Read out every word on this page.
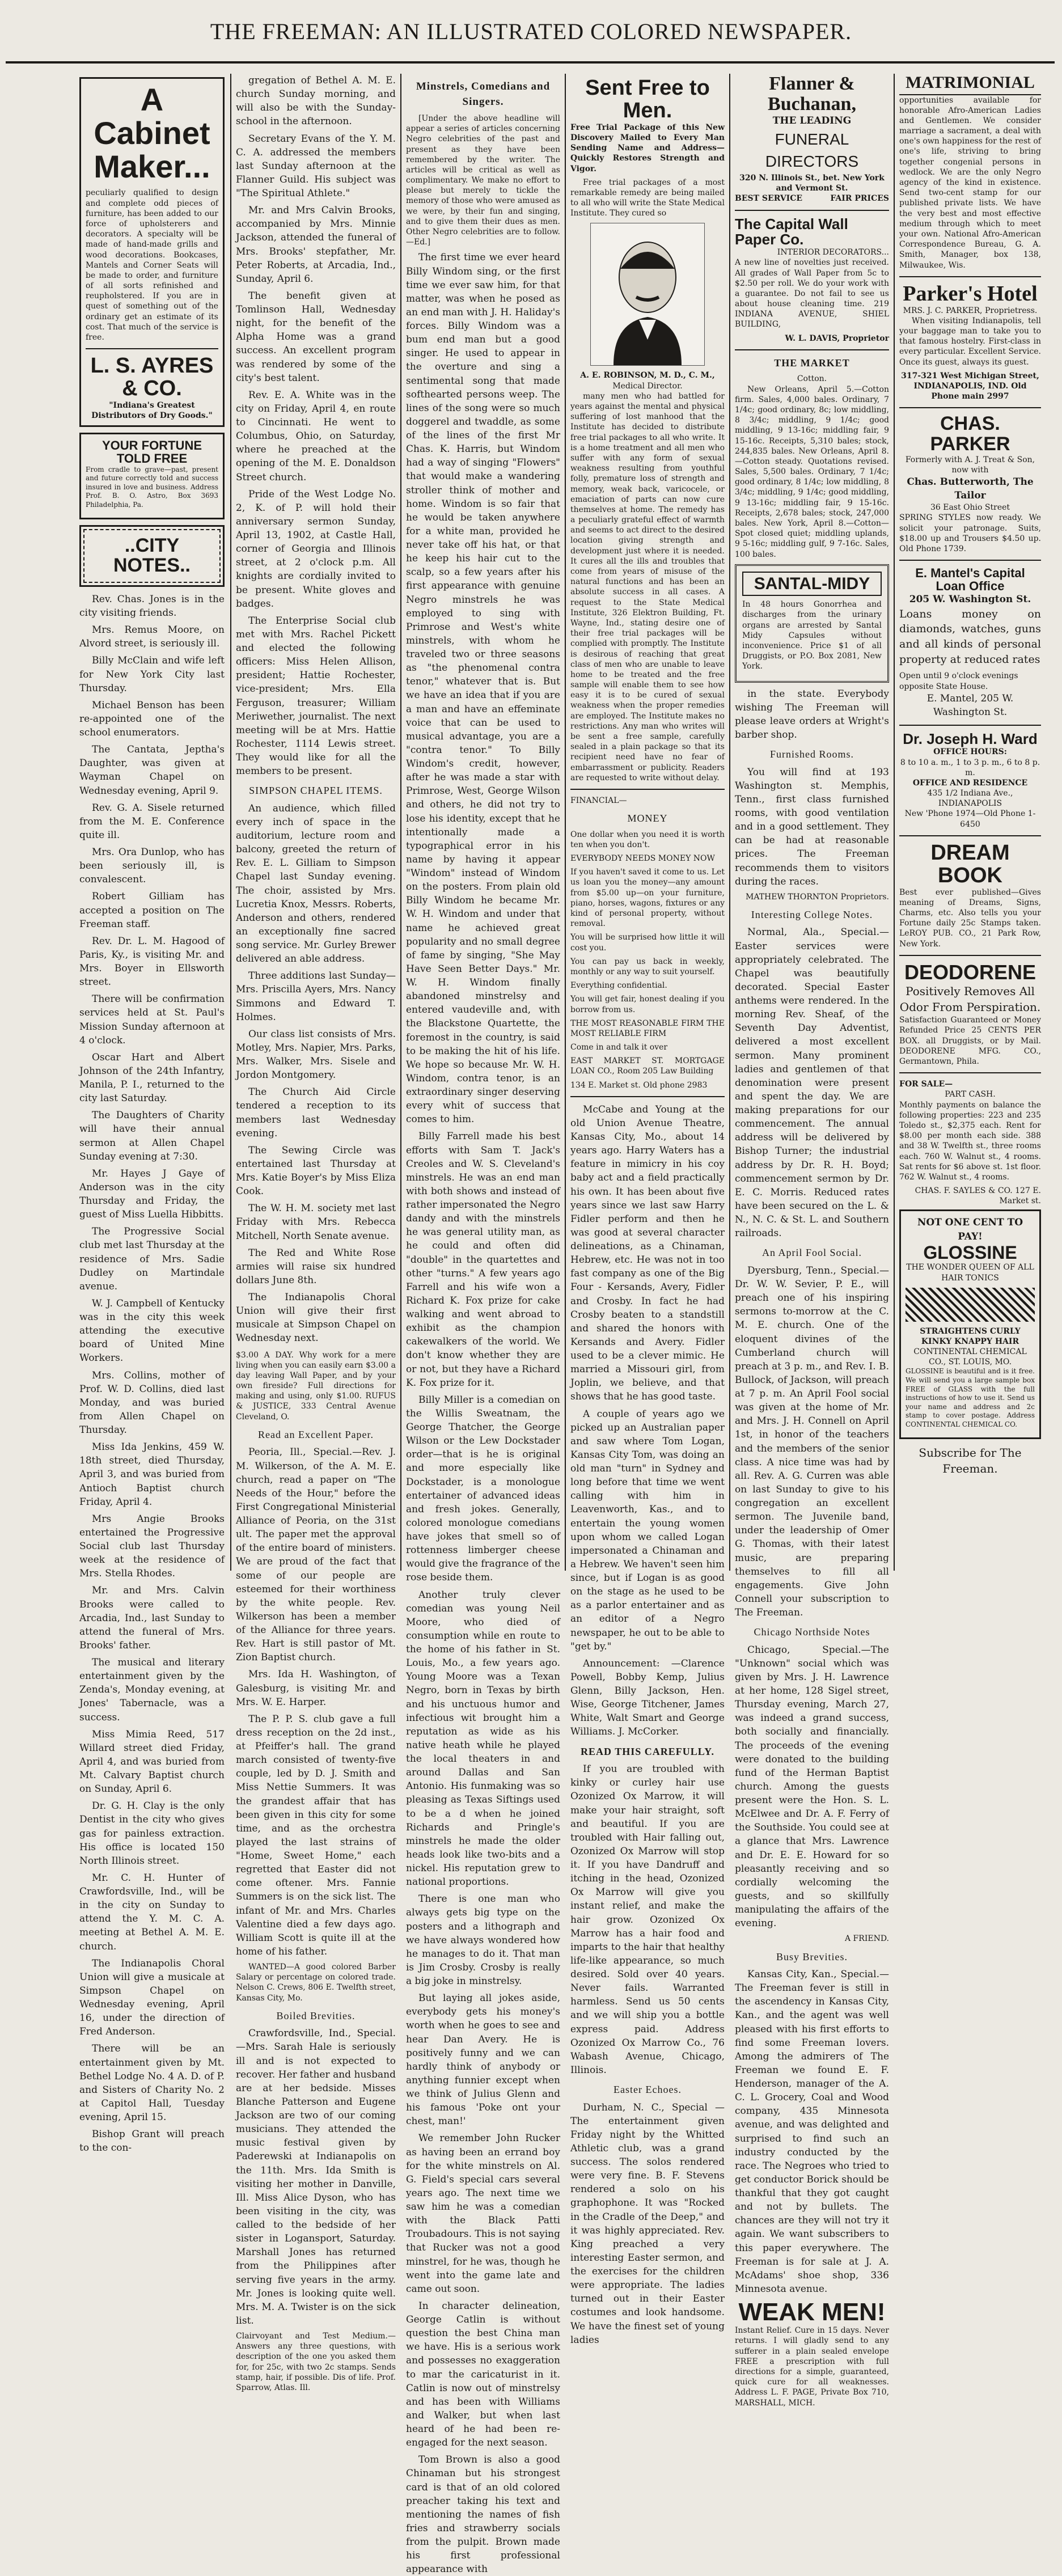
THE FREEMAN: AN ILLUSTRATED COLORED NEWSPAPER.
A Cabinet Maker...

peculiarly qualified to design and complete odd pieces of furniture, has been added to our force of upholsterers and decorators. A specialty will be made of hand-made grills and wood decorations. Bookcases, Mantels and Corner Seats will be made to order, and furniture of all sorts refinished and reupholstered. If you are in quest of something out of the ordinary get an estimate of its cost. That much of the service is free.

L. S. AYRES & CO.
"Indiana's Greatest Distributors of Dry Goods."
YOUR FORTUNE TOLD FREE

From cradle to grave—past, present and future correctly told and success insured in love and business. Address Prof. B. O. Astro, Box 3693 Philadelphia, Pa.

..CITY NOTES..

Rev. Chas. Jones is in the city visiting friends.

Mrs. Remus Moore, on Alvord street, is seriously ill.

Billy McClain and wife left for New York City last Thursday.

Michael Benson has been re-appointed one of the school enumerators.

The Cantata, Jeptha's Daughter, was given at Wayman Chapel on Wednesday evening, April 9.

Rev. G. A. Sisele returned from the M. E. Conference quite ill.

Mrs. Ora Dunlop, who has been seriously ill, is convalescent.

Robert Gilliam has accepted a position on The Freeman staff.

Rev. Dr. L. M. Hagood of Paris, Ky., is visiting Mr. and Mrs. Boyer in Ellsworth street.

There will be confirmation services held at St. Paul's Mission Sunday afternoon at 4 o'clock.

Oscar Hart and Albert Johnson of the 24th Infantry, Manila, P. I., returned to the city last Saturday.

The Daughters of Charity will have their annual sermon at Allen Chapel Sunday evening at 7:30.

Mr. Hayes J Gaye of Anderson was in the city Thursday and Friday, the guest of Miss Luella Hibbitts.

The Progressive Social club met last Thursday at the residence of Mrs. Sadie Dudley on Martindale avenue.

W. J. Campbell of Kentucky was in the city this week attending the executive board of United Mine Workers.

Mrs. Collins, mother of Prof. W. D. Collins, died last Monday, and was buried from Allen Chapel on Thursday.

Miss Ida Jenkins, 459 W. 18th street, died Thursday, April 3, and was buried from Antioch Baptist church Friday, April 4.

Mrs Angie Brooks entertained the Progressive Social club last Thursday week at the residence of Mrs. Stella Rhodes.

Mr. and Mrs. Calvin Brooks were called to Arcadia, Ind., last Sunday to attend the funeral of Mrs. Brooks' father.

The musical and literary entertainment given by the Zenda's, Monday evening, at Jones' Tabernacle, was a success.

Miss Mimia Reed, 517 Willard street died Friday, April 4, and was buried from Mt. Calvary Baptist church on Sunday, April 6.

Dr. G. H. Clay is the only Dentist in the city who gives gas for painless extraction. His office is located 150 North Illinois street.

Mr. C. H. Hunter of Crawfordsville, Ind., will be in the city on Sunday to attend the Y. M. C. A. meeting at Bethel A. M. E. church.

The Indianapolis Choral Union will give a musicale at Simpson Chapel on Wednesday evening, April 16, under the direction of Fred Anderson.

There will be an entertainment given by Mt. Bethel Lodge No. 4 A. D. of P. and Sisters of Charity No. 2 at Capitol Hall, Tuesday evening, April 15.

Bishop Grant will preach to the con-

gregation of Bethel A. M. E. church Sunday morning, and will also be with the Sunday-school in the afternoon.

Secretary Evans of the Y. M. C. A. addressed the members last Sunday afternoon at the Flanner Guild. His subject was "The Spiritual Athlete."

Mr. and Mrs Calvin Brooks, accompanied by Mrs. Minnie Jackson, attended the funeral of Mrs. Brooks' stepfather, Mr. Peter Roberts, at Arcadia, Ind., Sunday, April 6.

The benefit given at Tomlinson Hall, Wednesday night, for the benefit of the Alpha Home was a grand success. An excellent program was rendered by some of the city's best talent.

Rev. E. A. White was in the city on Friday, April 4, en route to Cincinnati. He went to Columbus, Ohio, on Saturday, where he preached at the opening of the M. E. Donaldson Street church.

Pride of the West Lodge No. 2, K. of P. will hold their anniversary sermon Sunday, April 13, 1902, at Castle Hall, corner of Georgia and Illinois street, at 2 o'clock p.m. All knights are cordially invited to be present. White gloves and badges.

The Enterprise Social club met with Mrs. Rachel Pickett and elected the following officers: Miss Helen Allison, president; Hattie Rochester, vice-president; Mrs. Ella Ferguson, treasurer; William Meriwether, journalist. The next meeting will be at Mrs. Hattie Rochester, 1114 Lewis street. They would like for all the members to be present.

SIMPSON CHAPEL ITEMS.

An audience, which filled every inch of space in the auditorium, lecture room and balcony, greeted the return of Rev. E. L. Gilliam to Simpson Chapel last Sunday evening. The choir, assisted by Mrs. Lucretia Knox, Messrs. Roberts, Anderson and others, rendered an exceptionally fine sacred song service. Mr. Gurley Brewer delivered an able address.

Three additions last Sunday—Mrs. Priscilla Ayers, Mrs. Nancy Simmons and Edward T. Holmes.

Our class list consists of Mrs. Motley, Mrs. Napier, Mrs. Parks, Mrs. Walker, Mrs. Sisele and Jordon Montgomery.

The Church Aid Circle tendered a reception to its members last Wednesday evening.

The Sewing Circle was entertained last Thursday at Mrs. Katie Boyer's by Miss Eliza Cook.

The W. H. M. society met last Friday with Mrs. Rebecca Mitchell, North Senate avenue.

The Red and White Rose armies will raise six hundred dollars June 8th.

The Indianapolis Choral Union will give their first musicale at Simpson Chapel on Wednesday next.

$3.00 A DAY. Why work for a mere living when you can easily earn $3.00 a day leaving Wall Paper, and by your own fireside? Full directions for making and using, only $1.00. RUFUS & JUSTICE, 333 Central Avenue Cleveland, O.

Read an Excellent Paper.

Peoria, Ill., Special.—Rev. J. M. Wilkerson, of the A. M. E. church, read a paper on "The Needs of the Hour," before the First Congregational Ministerial Alliance of Peoria, on the 31st ult. The paper met the approval of the entire board of ministers. We are proud of the fact that some of our people are esteemed for their worthiness by the white people. Rev. Wilkerson has been a member of the Alliance for three years. Rev. Hart is still pastor of Mt. Zion Baptist church.

Mrs. Ida H. Washington, of Galesburg, is visiting Mr. and Mrs. W. E. Harper.

The P. P. S. club gave a full dress reception on the 2d inst., at Pfeiffer's hall. The grand march consisted of twenty-five couple, led by D. J. Smith and Miss Nettie Summers. It was the grandest affair that has been given in this city for some time, and as the orchestra played the last strains of "Home, Sweet Home," each regretted that Easter did not come oftener. Mrs. Fannie Summers is on the sick list. The infant of Mr. and Mrs. Charles Valentine died a few days ago. William Scott is quite ill at the home of his father.

WANTED—A good colored Barber Salary or percentage on colored trade. Nelson C. Crews, 806 E. Twelfth street, Kansas City, Mo.

Boiled Brevities.

Crawfordsville, Ind., Special.—Mrs. Sarah Hale is seriously ill and is not expected to recover. Her father and husband are at her bedside. Misses Blanche Patterson and Eugene Jackson are two of our coming musicians. They attended the music festival given by Paderewski at Indianapolis on the 11th. Mrs. Ida Smith is visiting her mother in Danville, Ill. Miss Alice Dyson, who has been visiting in the city, was called to the bedside of her sister in Logansport, Saturday. Marshall Jones has returned from the Philippines after serving five years in the army. Mr. Jones is looking quite well. Mrs. M. A. Twister is on the sick list.

Clairvoyant and Test Medium.—Answers any three questions, with description of the one you asked them for, for 25c, with two 2c stamps. Sends stamp, hair, if possible. Dis of life. Prof. Sparrow, Atlas. Ill.

Minstrels, Comedians and Singers.

[Under the above headline will appear a series of articles concerning Negro celebrities of the past and present as they have been remembered by the writer. The articles will be critical as well as complimentary. We make no effort to please but merely to tickle the memory of those who were amused as we were, by their fun and singing, and to give them their dues as men. Other Negro celebrities are to follow.—Ed.]

The first time we ever heard Billy Windom sing, or the first time we ever saw him, for that matter, was when he posed as an end man with J. H. Haliday's forces. Billy Windom was a bum end man but a good singer. He used to appear in the overture and sing a sentimental song that made softhearted persons weep. The lines of the song were so much doggerel and twaddle, as some of the lines of the first Mr Chas. K. Harris, but Windom had a way of singing "Flowers" that would make a wandering stroller think of mother and home. Windom is so fair that he would be taken anywhere for a white man, provided he never take off his hat, or that he keep his hair cut to the scalp, so a few years after his first appearance with genuine Negro minstrels he was employed to sing with Primrose and West's white minstrels, with whom he traveled two or three seasons as "the phenomenal contra tenor," whatever that is. But we have an idea that if you are a man and have an effeminate voice that can be used to musical advantage, you are a "contra tenor." To Billy Windom's credit, however, after he was made a star with Primrose, West, George Wilson and others, he did not try to lose his identity, except that he intentionally made a typographical error in his name by having it appear "Windom" instead of Windom on the posters. From plain old Billy Windom he became Mr. W. H. Windom and under that name he achieved great popularity and no small degree of fame by singing, "She May Have Seen Better Days." Mr. W. H. Windom finally abandoned minstrelsy and entered vaudeville and, with the Blackstone Quartette, the foremost in the country, is said to be making the hit of his life. We hope so because Mr. W. H. Windom, contra tenor, is an extraordinary singer deserving every whit of success that comes to him.

Billy Farrell made his best efforts with Sam T. Jack's Creoles and W. S. Cleveland's minstrels. He was an end man with both shows and instead of rather impersonated the Negro dandy and with the minstrels he was general utility man, as he could and often did "double" in the quartettes and other "turns." A few years ago Farrell and his wife won a Richard K. Fox prize for cake walking and went abroad to exhibit as the champion cakewalkers of the world. We don't know whether they are or not, but they have a Richard K. Fox prize for it.

Billy Miller is a comedian on the Willis Sweatnam, the George Thatcher, the George Wilson or the Lew Dockstader order—that is he is original and more especially like Dockstader, is a monologue entertainer of advanced ideas and fresh jokes. Generally, colored monologue comedians have jokes that smell so of rottenness limberger cheese would give the fragrance of the rose beside them.

Another truly clever comedian was young Neil Moore, who died of consumption while en route to the home of his father in St. Louis, Mo., a few years ago. Young Moore was a Texan Negro, born in Texas by birth and his unctuous humor and infectious wit brought him a reputation as wide as his native heath while he played the local theaters in and around Dallas and San Antonio. His funmaking was so pleasing as Texas Siftings used to be a d when he joined Richards and Pringle's minstrels he made the older heads look like two-bits and a nickel. His reputation grew to national proportions.

There is one man who always gets big type on the posters and a lithograph and we have always wondered how he manages to do it. That man is Jim Crosby. Crosby is really a big joke in minstrelsy.

But laying all jokes aside, everybody gets his money's worth when he goes to see and hear Dan Avery. He is positively funny and we can hardly think of anybody or anything funnier except when we think of Julius Glenn and his famous 'Poke ont your chest, man!'

We remember John Rucker as having been an errand boy for the white minstrels on Al. G. Field's special cars several years ago. The next time we saw him he was a comedian with the Black Patti Troubadours. This is not saying that Rucker was not a good minstrel, for he was, though he went into the game late and came out soon.

In character delineation, George Catlin is without question the best China man we have. His is a serious work and possesses no exaggeration to mar the caricaturist in it. Catlin is now out of minstrelsy and has been with Williams and Walker, but when last heard of he had been re-engaged for the next season.

Tom Brown is also a good Chinaman but his strongest card is that of an old colored preacher taking his text and mentioning the names of fish fries and strawberry socials from the pulpit. Brown made his first professional appearance with

Sent Free to Men.

Free Trial Package of this New Discovery Mailed to Every Man Sending Name and Address—Quickly Restores Strength and Vigor.

Free trial packages of a most remarkable remedy are being mailed to all who will write the State Medical Institute. They cured so

A. E. ROBINSON, M. D., C. M.,
Medical Director.

many men who had battled for years against the mental and physical suffering of lost manhood that the Institute has decided to distribute free trial packages to all who write. It is a home treatment and all men who suffer with any form of sexual weakness resulting from youthful folly, premature loss of strength and memory, weak back, varicocele, or emaciation of parts can now cure themselves at home. The remedy has a peculiarly grateful effect of warmth and seems to act direct to the desired location giving strength and development just where it is needed. It cures all the ills and troubles that come from years of misuse of the natural functions and has been an absolute success in all cases. A request to the State Medical Institute, 326 Elektron Building, Ft. Wayne, Ind., stating desire one of their free trial packages will be complied with promptly. The Institute is desirous of reaching that great class of men who are unable to leave home to be treated and the free sample will enable them to see how easy it is to be cured of sexual weakness when the proper remedies are employed. The Institute makes no restrictions. Any man who writes will be sent a free sample, carefully sealed in a plain package so that its recipient need have no fear of embarrassment or publicity. Readers are requested to write without delay.

FINANCIAL—
MONEY

One dollar when you need it is worth ten when you don't.

EVERYBODY NEEDS MONEY NOW

If you haven't saved it come to us. Let us loan you the money—any amount from $5.00 up—on your furniture, piano, horses, wagons, fixtures or any kind of personal property, without removal.

You will be surprised how little it will cost you.

You can pay us back in weekly, monthly or any way to suit yourself.

Everything confidential.

You will get fair, honest dealing if you borrow from us.

THE MOST REASONABLE FIRM THE MOST RELIABLE FIRM

Come in and talk it over

EAST MARKET ST. MORTGAGE LOAN CO., Room 205 Law Building

134 E. Market st. Old phone 2983

McCabe and Young at the old Union Avenue Theatre, Kansas City, Mo., about 14 years ago. Harry Waters has a feature in mimicry in his coy baby act and a field practically his own. It has been about five years since we last saw Harry Fidler perform and then he was good at several character delineations, as a Chinaman, Hebrew, etc. He was not in too fast company as one of the Big Four - Kersands, Avery, Fidler and Crosby. In fact he had Crosby beaten to a standstill and shared the honors with Kersands and Avery. Fidler used to be a clever mimic. He married a Missouri girl, from Joplin, we believe, and that shows that he has good taste.

A couple of years ago we picked up an Australian paper and saw where Tom Logan, Kansas City Tom, was doing an old man "turn" in Sydney and long before that time we went calling with him in Leavenworth, Kas., and to entertain the young women upon whom we called Logan impersonated a Chinaman and a Hebrew. We haven't seen him since, but if Logan is as good on the stage as he used to be as a parlor entertainer and as an editor of a Negro newspaper, he out to be able to "get by."

Announcement: —Clarence Powell, Bobby Kemp, Julius Glenn, Billy Jackson, Hen. Wise, George Titchener, James White, Walt Smart and George Williams. J. McCorker.

READ THIS CAREFULLY.

If you are troubled with kinky or curley hair use Ozonized Ox Marrow, it will make your hair straight, soft and beautiful. If you are troubled with Hair falling out, Ozonized Ox Marrow will stop it. If you have Dandruff and itching in the head, Ozonized Ox Marrow will give you instant relief, and make the hair grow. Ozonized Ox Marrow has a hair food and imparts to the hair that healthy life-like appearance, so much desired. Sold over 40 years. Never fails. Warranted harmless. Send us 50 cents and we will ship you a bottle express paid. Address Ozonized Ox Marrow Co., 76 Wabash Avenue, Chicago, Illinois.

Easter Echoes.

Durham, N. C., Special —The entertainment given Friday night by the Whitted Athletic club, was a grand success. The solos rendered were very fine. B. F. Stevens rendered a solo on his graphophone. It was "Rocked in the Cradle of the Deep," and it was highly appreciated. Rev. King preached a very interesting Easter sermon, and the exercises for the children were appropriate. The ladies turned out in their Easter costumes and look handsome. We have the finest set of young ladies

Flanner & Buchanan,
THE LEADING
FUNERAL DIRECTORS
320 N. Illinois St., bet. New York and Vermont St.
BEST SERVICE	FAIR PRICES
The Capital Wall Paper Co.
INTERIOR DECORATORS...

A new line of novelties just received. All grades of Wall Paper from 5c to $2.50 per roll. We do your work with a guarantee. Do not fail to see us about house cleaning time. 219 INDIANA AVENUE, SHIEL BUILDING,

W. L. DAVIS, Proprietor
THE MARKET
Cotton.

New Orleans, April 5.—Cotton firm. Sales, 4,000 bales. Ordinary, 7 1/4c; good ordinary, 8c; low middling, 8 3/4c; middling, 9 1/4c; good middling, 9 13-16c; middling fair, 9 15-16c. Receipts, 5,310 bales; stock, 244,835 bales. New Orleans, April 8.—Cotton steady. Quotations revised. Sales, 5,500 bales. Ordinary, 7 1/4c; good ordinary, 8 1/4c; low middling, 8 3/4c; middling, 9 1/4c; good middling, 9 13-16c; middling fair, 9 15-16c. Receipts, 2,678 bales; stock, 247,000 bales. New York, April 8.—Cotton—Spot closed quiet; middling uplands, 9 5-16c; middling gulf, 9 7-16c. Sales, 100 bales.

SANTAL-MIDY

In 48 hours Gonorrhea and discharges from the urinary organs are arrested by Santal Midy Capsules without inconvenience. Price $1 of all Druggists, or P.O. Box 2081, New York.

in the state. Everybody wishing The Freeman will please leave orders at Wright's barber shop.

Furnished Rooms.

You will find at 193 Washington st. Memphis, Tenn., first class furnished rooms, with good ventilation and in a good settlement. They can be had at reasonable prices. The Freeman recommends them to visitors during the races.

MATHEW THORNTON Proprietors.
Interesting College Notes.

Normal, Ala., Special.—Easter services were appropriately celebrated. The Chapel was beautifully decorated. Special Easter anthems were rendered. In the morning Rev. Sheaf, of the Seventh Day Adventist, delivered a most excellent sermon. Many prominent ladies and gentlemen of that denomination were present and spent the day. We are making preparations for our commencement. The annual address will be delivered by Bishop Turner; the industrial address by Dr. R. H. Boyd; commencement sermon by Dr. E. C. Morris. Reduced rates have been secured on the L. & N., N. C. & St. L. and Southern railroads.

An April Fool Social.

Dyersburg, Tenn., Special.—Dr. W. W. Sevier, P. E., will preach one of his inspiring sermons to-morrow at the C. M. E. church. One of the eloquent divines of the Cumberland church will preach at 3 p. m., and Rev. I. B. Bullock, of Jackson, will preach at 7 p. m. An April Fool social was given at the home of Mr. and Mrs. J. H. Connell on April 1st, in honor of the teachers and the members of the senior class. A nice time was had by all. Rev. A. G. Curren was able on last Sunday to give to his congregation an excellent sermon. The Juvenile band, under the leadership of Omer G. Thomas, with their latest music, are preparing themselves to fill all engagements. Give John Connell your subscription to The Freeman.

Chicago Northside Notes

Chicago, Special.—The "Unknown" social which was given by Mrs. J. H. Lawrence at her home, 128 Sigel street, Thursday evening, March 27, was indeed a grand success, both socially and financially. The proceeds of the evening were donated to the building fund of the Herman Baptist church. Among the guests present were the Hon. S. L. McElwee and Dr. A. F. Ferry of the Southside. You could see at a glance that Mrs. Lawrence and Dr. E. E. Howard for so pleasantly receiving and so cordially welcoming the guests, and so skillfully manipulating the affairs of the evening.

A FRIEND.
Busy Brevities.

Kansas City, Kan., Special.—The Freeman fever is still in the ascendency in Kansas City, Kan., and the agent was well pleased with his first efforts to find some Freeman lovers. Among the admirers of The Freeman we found E. F. Henderson, manager of the A. C. L. Grocery, Coal and Wood company, 435 Minnesota avenue, and was delighted and surprised to find such an industry conducted by the race. The Negroes who tried to get conductor Borick should be thankful that they got caught and not by bullets. The chances are they will not try it again. We want subscribers to this paper everywhere. The Freeman is for sale at J. A. McAdams' shoe shop, 336 Minnesota avenue.

WEAK MEN!

Instant Relief. Cure in 15 days. Never returns. I will gladly send to any sufferer in a plain sealed envelope FREE a prescription with full directions for a simple, guaranteed, quick cure for all weaknesses. Address L. F. PAGE, Private Box 710, MARSHALL, MICH.

MATRIMONIAL

opportunities available for honorable Afro-American Ladies and Gentlemen. We consider marriage a sacrament, a deal with one's own happiness for the rest of one's life, striving to bring together congenial persons in wedlock. We are the only Negro agency of the kind in existence. Send two-cent stamp for our published private lists. We have the very best and most effective medium through which to meet your own. National Afro-American Correspondence Bureau, G. A. Smith, Manager, box 138, Milwaukee, Wis.

Parker's Hotel
MRS. J. C. PARKER, Proprietress.

When visiting Indianapolis, tell your baggage man to take you to that famous hostelry. First-class in every particular. Excellent Service. Once its guest, always its guest.

317-321 West Michigan Street, INDIANAPOLIS, IND. Old Phone main 2997
CHAS. PARKER
Formerly with A. J. Treat & Son, now with
Chas. Butterworth, The Tailor
36 East Ohio Street

SPRING STYLES now ready. We solicit your patronage. Suits, $18.00 up and Trousers $4.50 up. Old Phone 1739.

E. Mantel's Capital Loan Office
205 W. Washington St.

Loans money on diamonds, watches, guns and all kinds of personal property at reduced rates

Open until 9 o'clock evenings opposite State House.
E. Mantel, 205 W. Washington St.
Dr. Joseph H. Ward
OFFICE HOURS:
8 to 10 a. m., 1 to 3 p. m., 6 to 8 p. m.
OFFICE AND RESIDENCE
435 1/2 Indiana Ave., INDIANAPOLIS
New 'Phone 1974—Old Phone 1-6450
DREAM BOOK

Best ever published—Gives meaning of Dreams, Signs, Charms, etc. Also tells you your Fortune daily 25c Stamps taken. LeROY PUB. CO., 21 Park Row, New York.

DEODORENE
Positively Removes All Odor From Perspiration.

Satisfaction Guaranteed or Money Refunded Price 25 CENTS PER BOX. all Druggists, or by Mail. DEODORENE MFG. CO., Germantown, Phila.

FOR SALE—
PART CASH.

Monthly payments on balance the following properties: 223 and 235 Toledo st., $2,375 each. Rent for $8.00 per month each side. 388 and 38 W. Twelfth st., three rooms each. 760 W. Walnut st., 4 rooms. Sat rents for $6 above st. 1st floor. 762 W. Walnut st., 4 rooms.

CHAS. F. SAYLES & CO. 127 E. Market st.
NOT ONE CENT TO PAY!
GLOSSINE
THE WONDER QUEEN OF ALL HAIR TONICS
STRAIGHTENS CURLY KINKY KNAPPY HAIR
CONTINENTAL CHEMICAL CO., ST. LOUIS, MO.

GLOSSINE is beautiful and is it free. We will send you a large sample box FREE of GLASS with the full instructions of how to use it. Send us your name and address and 2c stamp to cover postage. Address CONTINENTAL CHEMICAL CO.

Subscribe for The Freeman.
